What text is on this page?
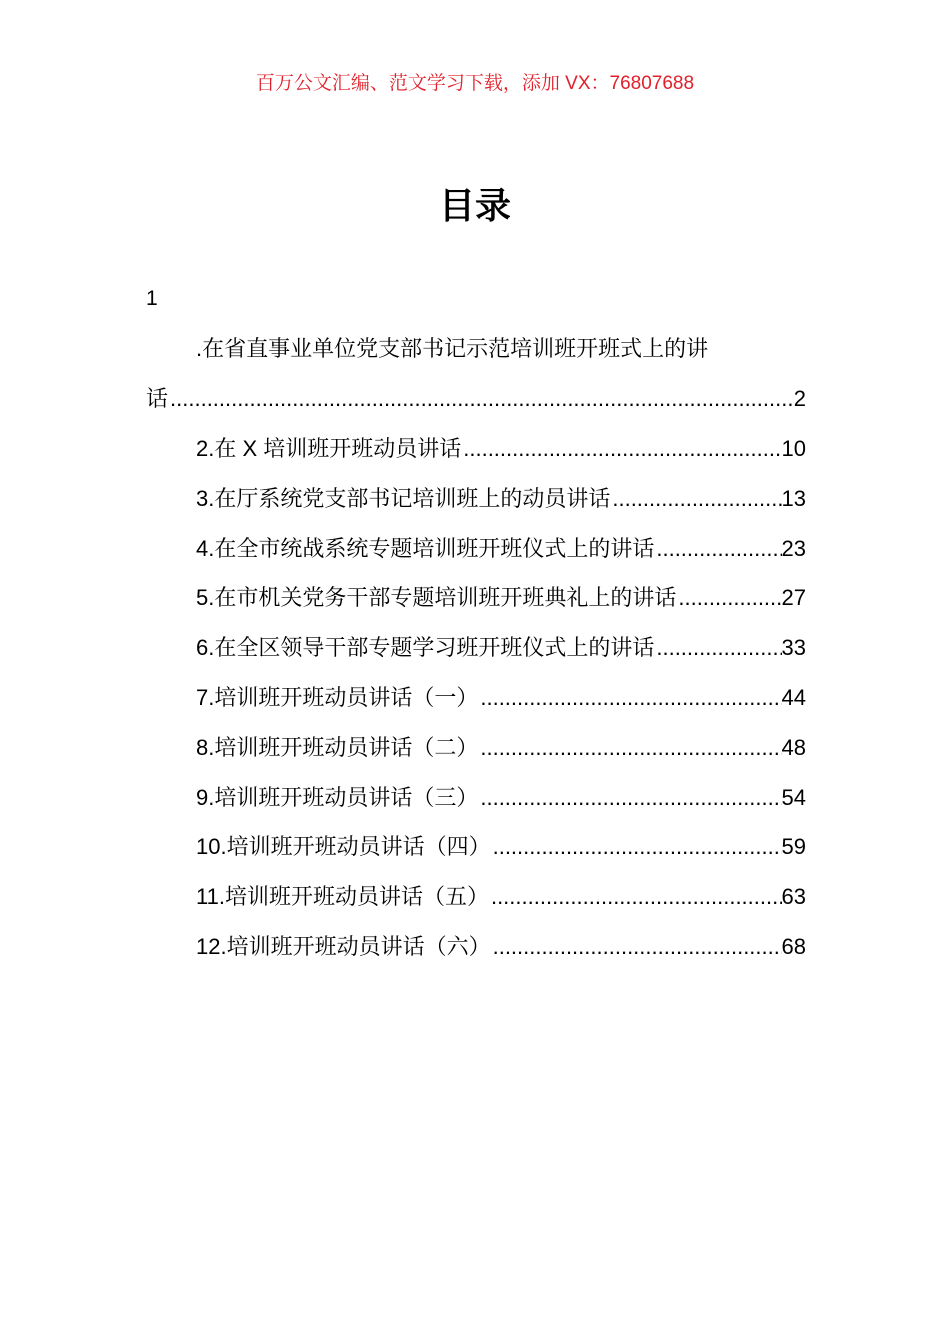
百万公文汇编、范文学习下载，添加 VX：76807688
目录
1
.在省直事业单位党支部书记示范培训班开班式上的讲
话 .....	2
2.在 X 培训班开班动员讲话 .....	10
3.在厅系统党支部书记培训班上的动员讲话 .....	13
4.在全市统战系统专题培训班开班仪式上的讲话 .....	23
5.在市机关党务干部专题培训班开班典礼上的讲话 .....	27
6.在全区领导干部专题学习班开班仪式上的讲话 .....	33
7.培训班开班动员讲话（一） .....	44
8.培训班开班动员讲话（二） .....	48
9.培训班开班动员讲话（三） .....	54
10.培训班开班动员讲话（四） .....	59
11.培训班开班动员讲话（五） .....	63
12.培训班开班动员讲话（六） .....	68
